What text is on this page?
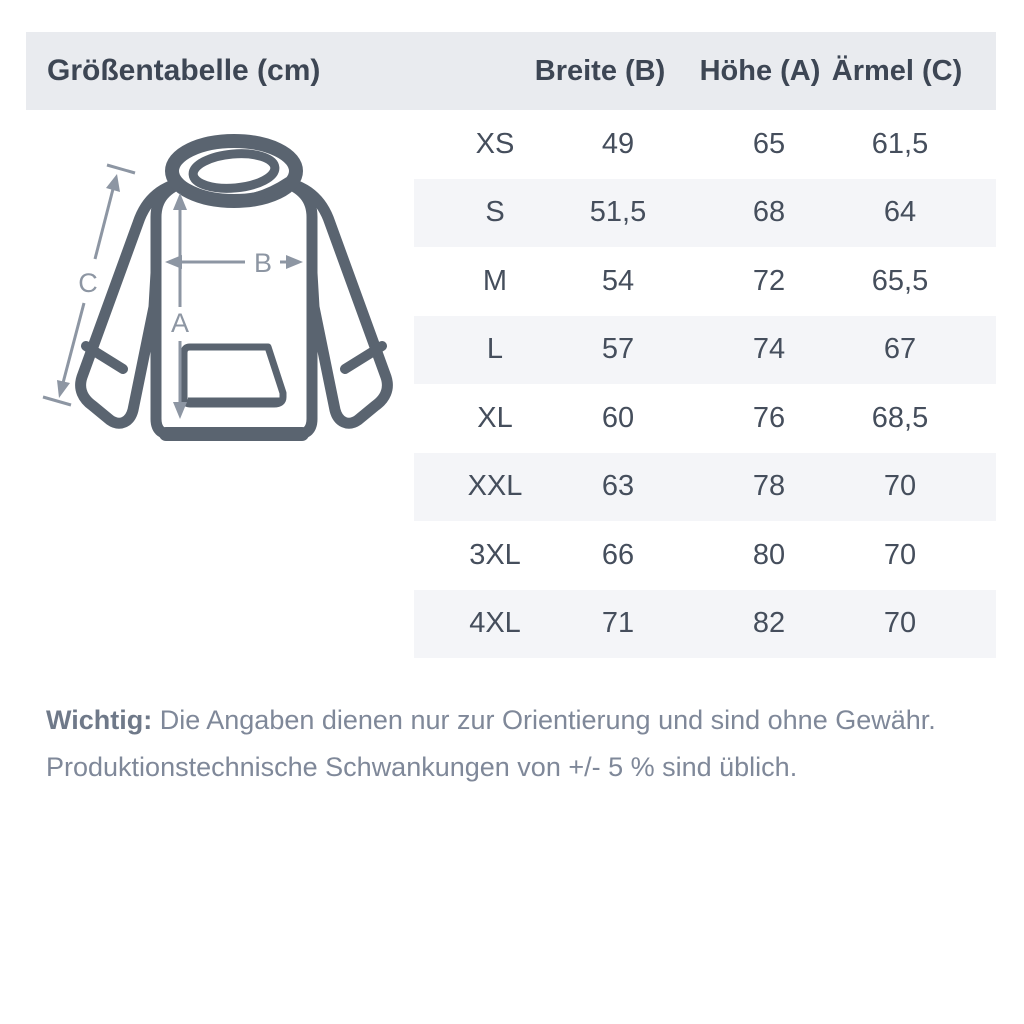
Größentabelle (cm)	Breite (B)	Höhe (A) Ärmel (C)
XS	49	65	61,5
S	51,5	68	64
M	54	72	65,5
L	57	74	67
XL	60	76	68,5
XXL	63	78	70
3XL	66	80	70
4XL	71	82	70
A
B
C

Wichtig: Die Angaben dienen nur zur Orientierung und sind ohne Gewähr. Produktionstechnische Schwankungen von +/- 5 % sind üblich.
